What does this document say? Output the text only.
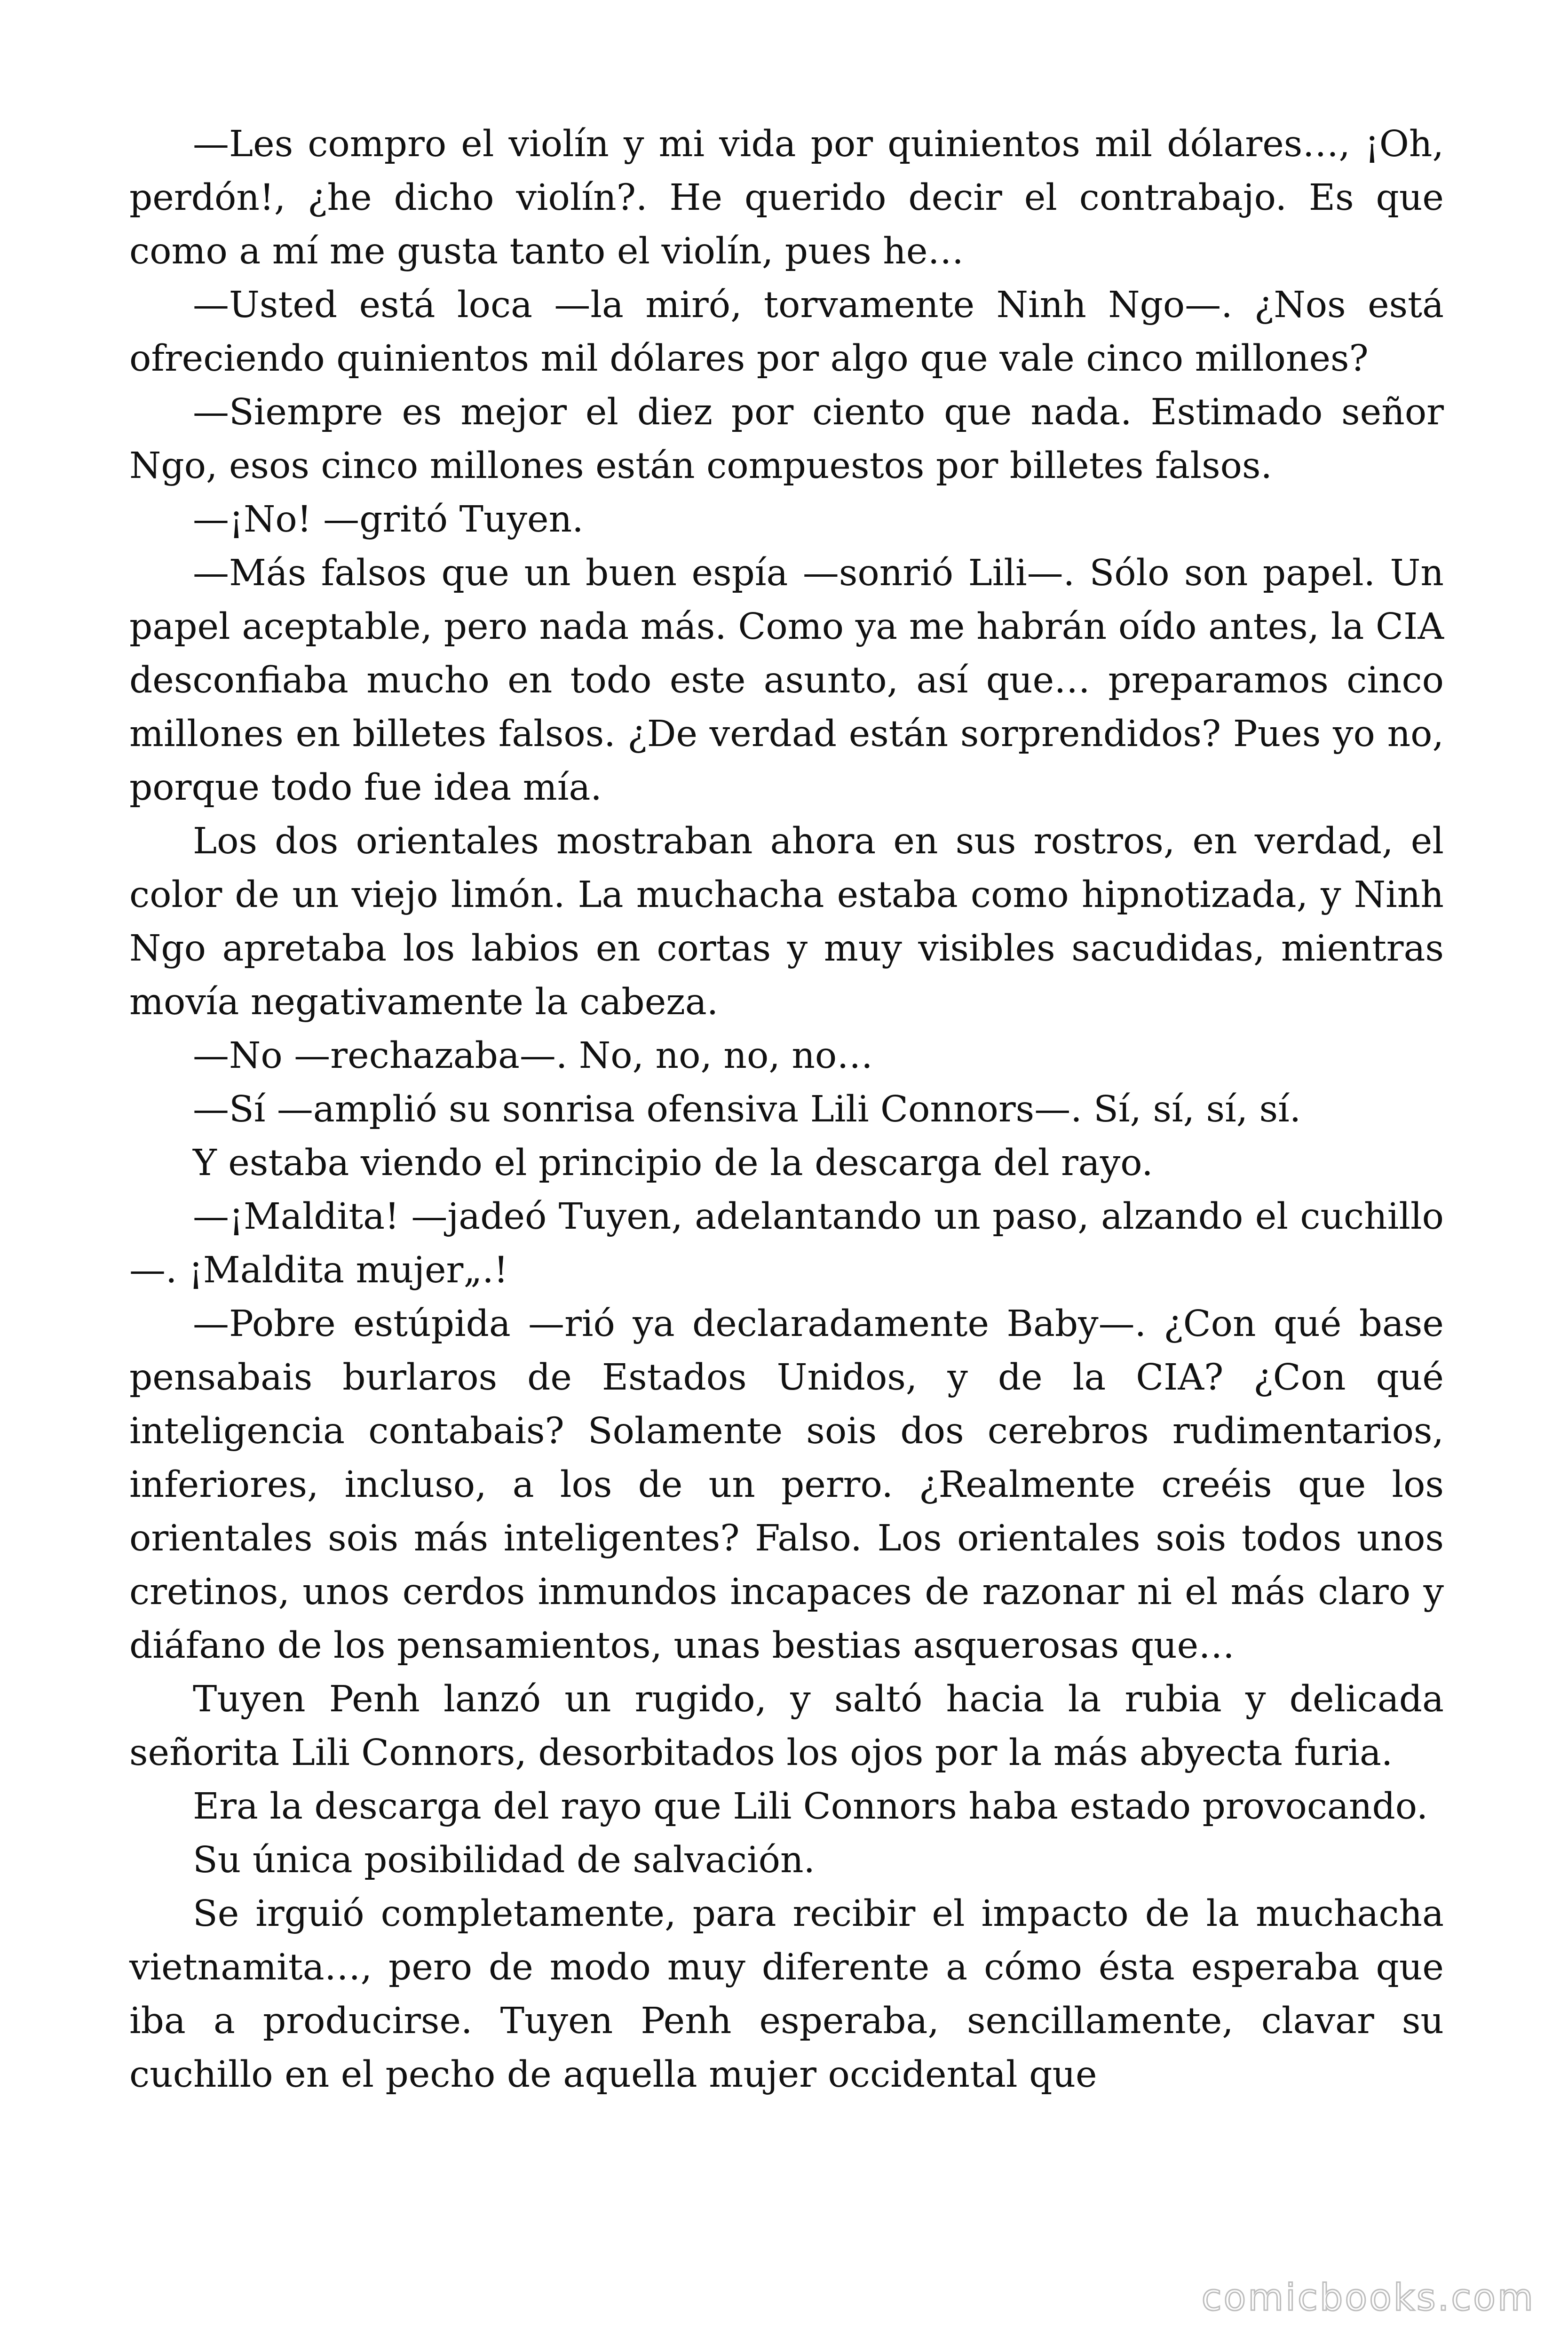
—Les compro el violín y mi vida por quinientos mil dólares…, ¡Oh, perdón!, ¿he dicho violín?. He querido decir el contrabajo. Es que como a mí me gusta tanto el violín, pues he…

—Usted está loca —la miró, torvamente Ninh Ngo—. ¿Nos está ofreciendo quinientos mil dólares por algo que vale cinco millones?

—Siempre es mejor el diez por ciento que nada. Estimado señor Ngo, esos cinco millones están compuestos por billetes falsos.

—¡No! —gritó Tuyen.

—Más falsos que un buen espía —sonrió Lili—. Sólo son papel. Un papel aceptable, pero nada más. Como ya me habrán oído antes, la CIA desconfiaba mucho en todo este asunto, así que… preparamos cinco millones en billetes falsos. ¿De verdad están sorprendidos? Pues yo no, porque todo fue idea mía.

Los dos orientales mostraban ahora en sus rostros, en verdad, el color de un viejo limón. La muchacha estaba como hipnotizada, y Ninh Ngo apretaba los labios en cortas y muy visibles sacudidas, mientras movía negativamente la cabeza.

—No —rechazaba—. No, no, no, no…

—Sí —amplió su sonrisa ofensiva Lili Connors—. Sí, sí, sí, sí.

Y estaba viendo el principio de la descarga del rayo.

—¡Maldita! —jadeó Tuyen, adelantando un paso, alzando el cuchillo—. ¡Maldita mujer„.!

—Pobre estúpida —rió ya declaradamente Baby—. ¿Con qué base pensabais burlaros de Estados Unidos, y de la CIA? ¿Con qué inteligencia contabais? Solamente sois dos cerebros rudimentarios, inferiores, incluso, a los de un perro. ¿Realmente creéis que los orientales sois más inteligentes? Falso. Los orientales sois todos unos cretinos, unos cerdos inmundos incapaces de razonar ni el más claro y diáfano de los pensamientos, unas bestias asquerosas que…

Tuyen Penh lanzó un rugido, y saltó hacia la rubia y delicada señorita Lili Connors, desorbitados los ojos por la más abyecta furia.

Era la descarga del rayo que Lili Connors haba estado provocando.

Su única posibilidad de salvación.

Se irguió completamente, para recibir el impacto de la muchacha vietnamita…, pero de modo muy diferente a cómo ésta esperaba que iba a producirse. Tuyen Penh esperaba, sencillamente, clavar su cuchillo en el pecho de aquella mujer occidental que

comicbooks.com
